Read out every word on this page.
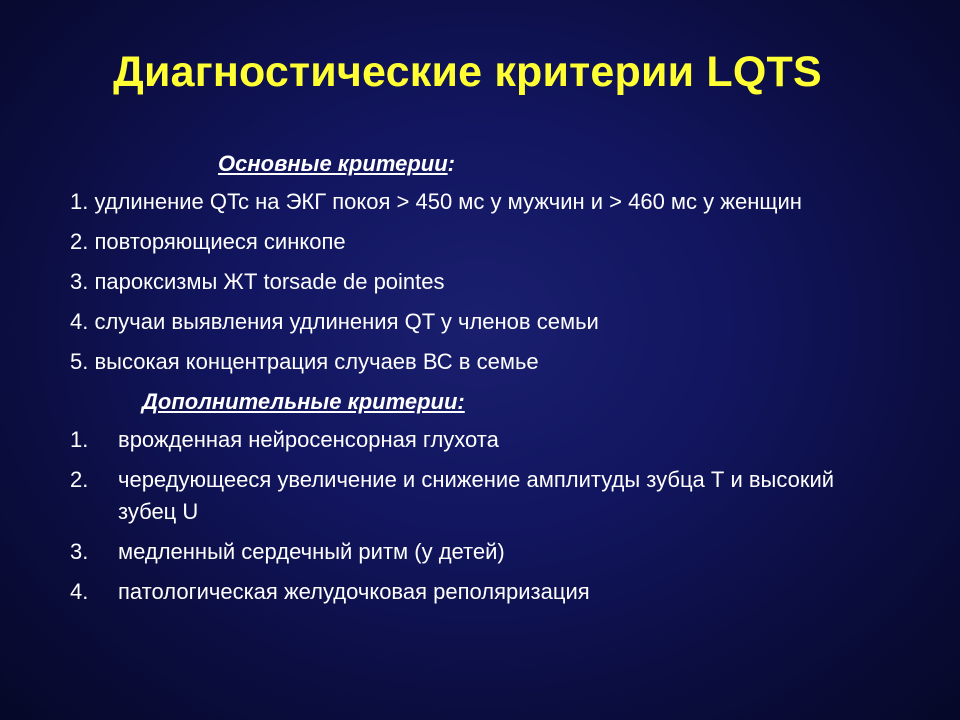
Диагностические критерии LQTS
Основные критерии:
1. удлинение QTc на ЭКГ покоя > 450 мс у мужчин и > 460 мс у женщин
2. повторяющиеся синкопе
3. пароксизмы ЖТ torsade de pointes
4. случаи выявления удлинения QT у членов семьи
5. высокая концентрация случаев ВС в семье
Дополнительные критерии:
1.	врожденная нейросенсорная глухота
2.	чередующееся увеличение и снижение амплитуды зубца Т и высокий зубец U
3.	медленный сердечный ритм (у детей)
4.	патологическая желудочковая реполяризация
